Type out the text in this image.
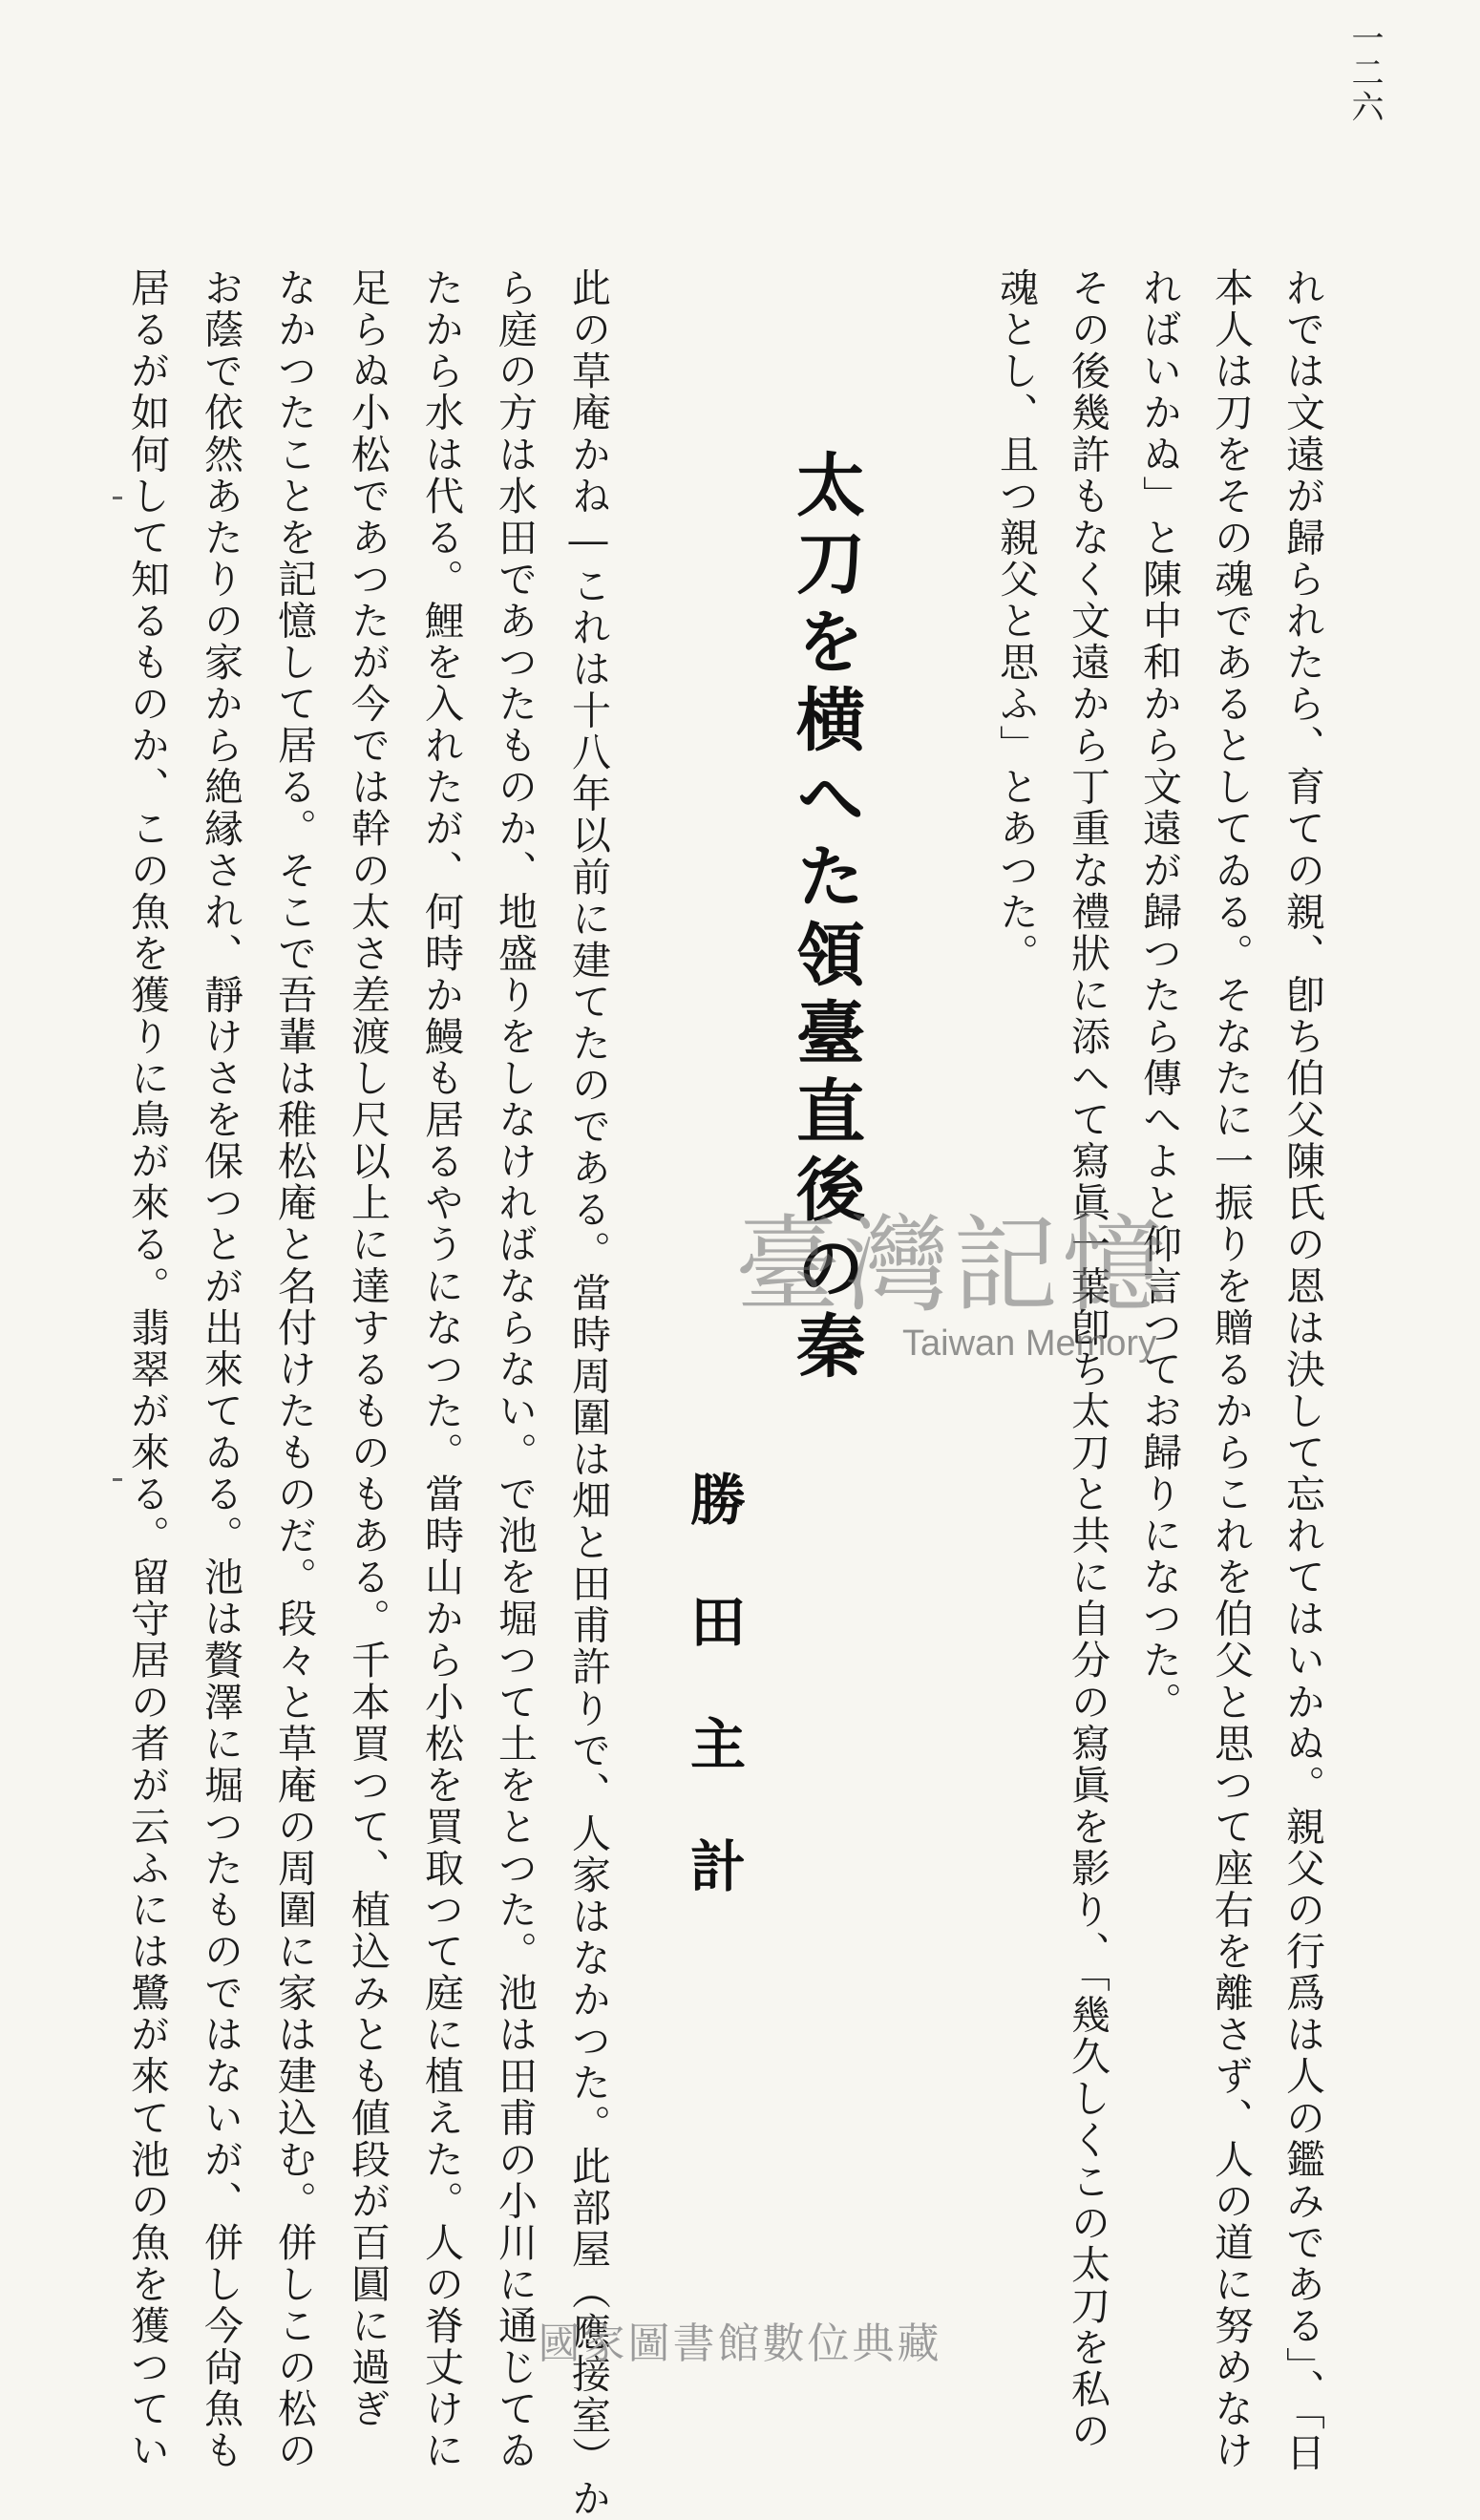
一二六
れでは文遠が歸られたら、育ての親、卽ち伯父陳氏の恩は決して忘れてはいかぬ。親父の行爲は人の鑑みである」、「日
本人は刀をその魂であるとしてゐる。そなたに一振りを贈るからこれを伯父と思つて座右を離さず、人の道に努めなけ
ればいかぬ」と陳中和から文遠が歸つたら傳へよと仰言つてお歸りになつた。
その後幾許もなく文遠から丁重な禮狀に添へて寫眞一葉卽ち太刀と共に自分の寫眞を影り、「幾久しくこの太刀を私の
魂とし、且つ親父と思ふ」とあつた。
太刀を横へた領臺直後の秦
勝田主計
此の草庵かね―これは十八年以前に建てたのである。當時周圍は畑と田甫許りで、人家はなかつた。此部屋（應接室）か
ら庭の方は水田であつたものか、地盛りをしなければならない。で池を堀つて土をとつた。池は田甫の小川に通じてゐ
たから水は代る。鯉を入れたが、何時か鰻も居るやうになつた。當時山から小松を買取つて庭に植えた。人の脊丈けに
足らぬ小松であつたが今では幹の太さ差渡し尺以上に達するものもある。千本買つて、植込みとも値段が百圓に過ぎ
なかつたことを記憶して居る。そこで吾輩は稚松庵と名付けたものだ。段々と草庵の周圍に家は建込む。併しこの松の
お蔭で依然あたりの家から絶縁され、靜けさを保つとが出來てゐる。池は贅澤に堀つたものではないが、併し今尙魚も
居るが如何して知るものか、この魚を獲りに鳥が來る。翡翠が來る。留守居の者が云ふには鷺が來て池の魚を獲つてい	臺灣記憶
Taiwan Memory
國家圖書館數位典藏
